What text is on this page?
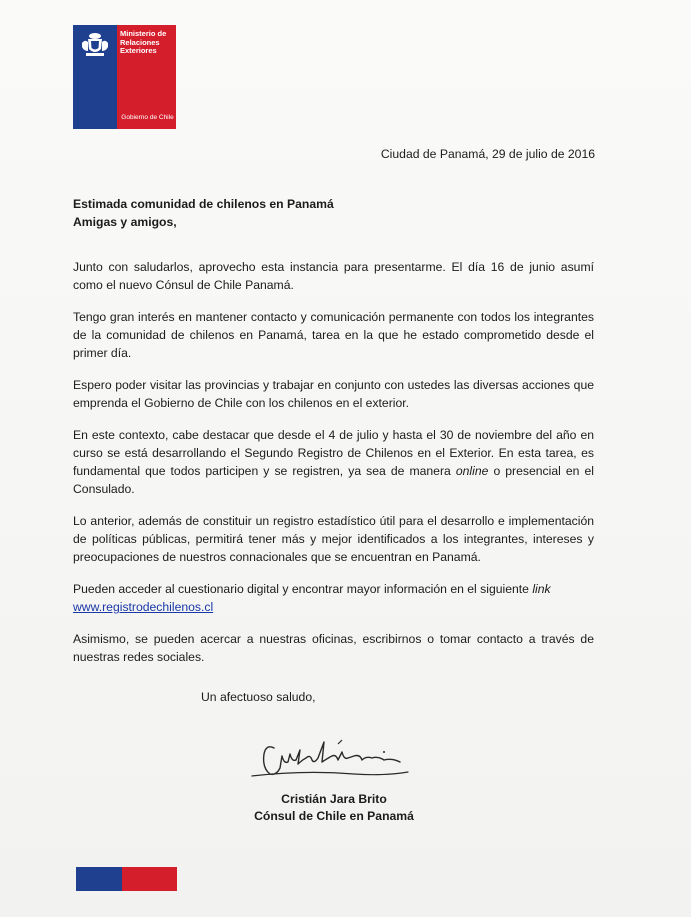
Ministerio de
Relaciones
Exteriores
Gobierno de Chile
Ciudad de Panamá, 29 de julio de 2016
Estimada comunidad de chilenos en Panamá
Amigas y amigos,

Junto con saludarlos, aprovecho esta instancia para presentarme. El día 16 de junio asumí como el nuevo Cónsul de Chile Panamá.

Tengo gran interés en mantener contacto y comunicación permanente con todos los integrantes de la comunidad de chilenos en Panamá, tarea en la que he estado comprometido desde el primer día.

Espero poder visitar las provincias y trabajar en conjunto con ustedes las diversas acciones que emprenda el Gobierno de Chile con los chilenos en el exterior.

En este contexto, cabe destacar que desde el 4 de julio y hasta el 30 de noviembre del año en curso se está desarrollando el Segundo Registro de Chilenos en el Exterior. En esta tarea, es fundamental que todos participen y se registren, ya sea de manera online o presencial en el Consulado.

Lo anterior, además de constituir un registro estadístico útil para el desarrollo e implementación de políticas públicas, permitirá tener más y mejor identificados a los integrantes, intereses y preocupaciones de nuestros connacionales que se encuentran en Panamá.

Pueden acceder al cuestionario digital y encontrar mayor información en el siguiente link
www.registrodechilenos.cl

Asimismo, se pueden acercar a nuestras oficinas, escribirnos o tomar contacto a través de nuestras redes sociales.

Un afectuoso saludo,
Cristián Jara Brito
Cónsul de Chile en Panamá
